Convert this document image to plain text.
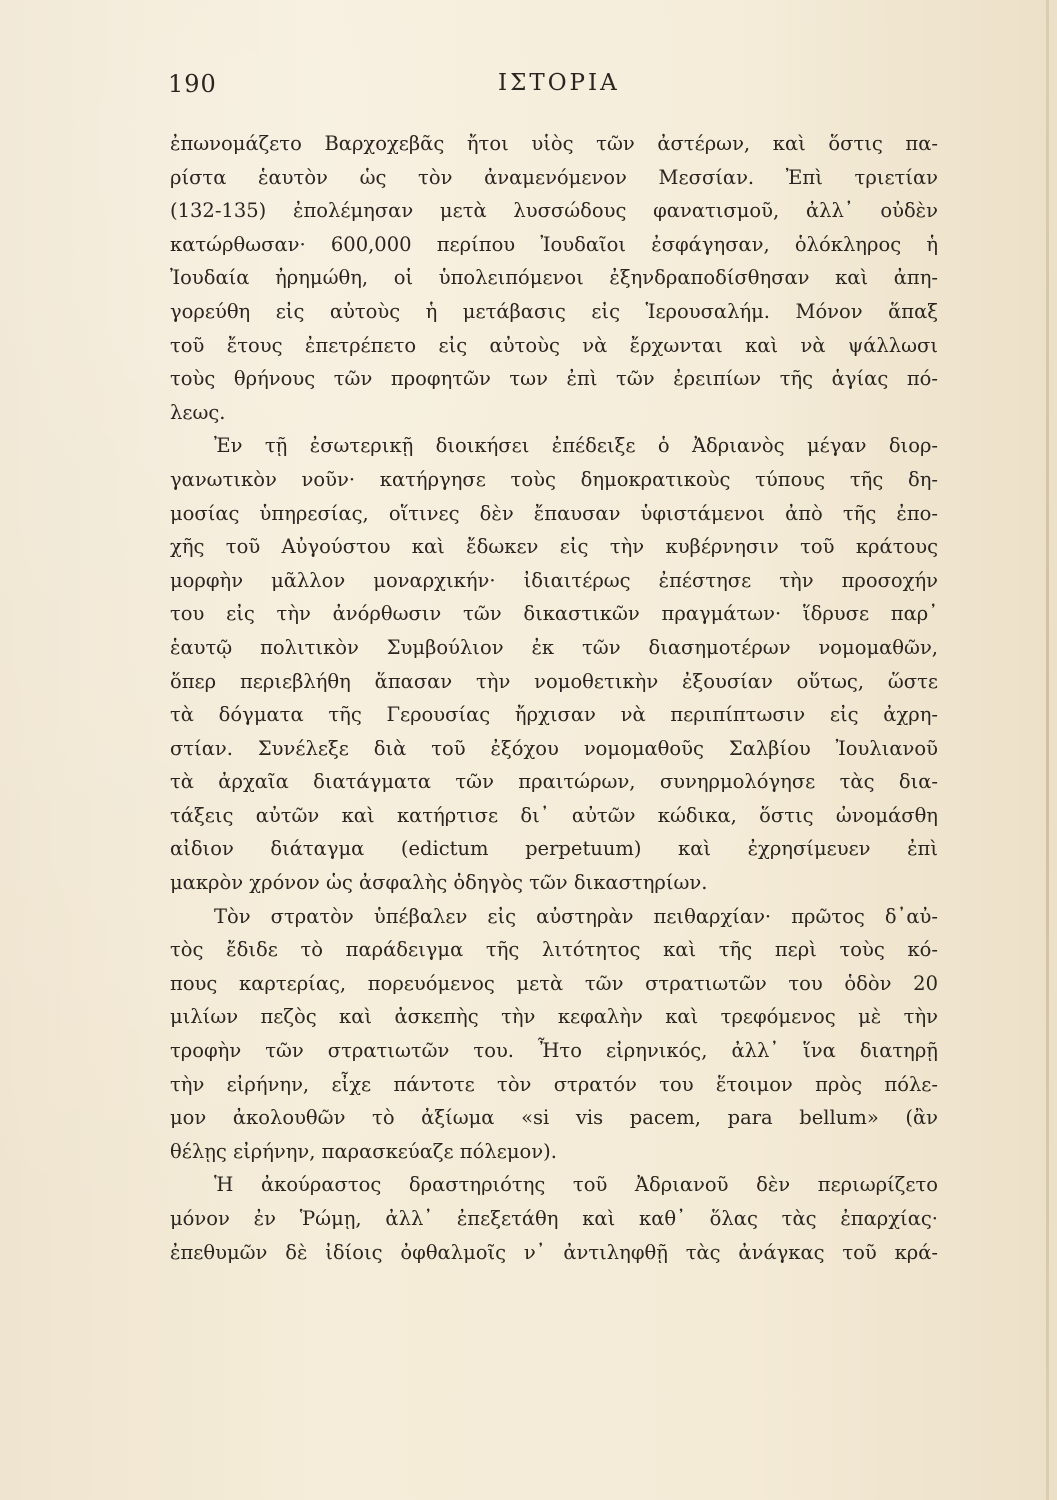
190	ΙΣΤΟΡΙΑ
ἐπωνομάζετο Βαρχοχεβᾶς ἤτοι υἱὸς τῶν ἀστέρων, καὶ ὅστις πα-
ρίστα ἑαυτὸν ὡς τὸν ἀναμενόμενον Μεσσίαν. Ἐπὶ τριετίαν
(132-135) ἐπολέμησαν μετὰ λυσσώδους φανατισμοῦ, ἀλλ᾽ οὐδὲν
κατώρθωσαν· 600,000 περίπου Ἰουδαῖοι ἐσφάγησαν, ὁλόκληρος ἡ
Ἰουδαία ἠρημώθη, οἱ ὑπολειπόμενοι ἐξηνδραποδίσθησαν καὶ ἀπη-
γορεύθη εἰς αὐτοὺς ἡ μετάβασις εἰς Ἱερουσαλήμ. Μόνον ἅπαξ
τοῦ ἔτους ἐπετρέπετο εἰς αὐτοὺς νὰ ἔρχωνται καὶ νὰ ψάλλωσι
τοὺς θρήνους τῶν προφητῶν των ἐπὶ τῶν ἐρειπίων τῆς ἁγίας πό-
λεως.
Ἐν τῇ ἐσωτερικῇ διοικήσει ἐπέδειξε ὁ Ἀδριανὸς μέγαν διορ-
γανωτικὸν νοῦν· κατήργησε τοὺς δημοκρατικοὺς τύπους τῆς δη-
μοσίας ὑπηρεσίας, οἵτινες δὲν ἔπαυσαν ὑφιστάμενοι ἀπὸ τῆς ἐπο-
χῆς τοῦ Αὐγούστου καὶ ἔδωκεν εἰς τὴν κυβέρνησιν τοῦ κράτους
μορφὴν μᾶλλον μοναρχικήν· ἰδιαιτέρως ἐπέστησε τὴν προσοχήν
του εἰς τὴν ἀνόρθωσιν τῶν δικαστικῶν πραγμάτων· ἵδρυσε παρ᾽
ἑαυτῷ πολιτικὸν Συμβούλιον ἐκ τῶν διασημοτέρων νομομαθῶν,
ὅπερ περιεβλήθη ἅπασαν τὴν νομοθετικὴν ἐξουσίαν οὕτως, ὥστε
τὰ δόγματα τῆς Γερουσίας ἤρχισαν νὰ περιπίπτωσιν εἰς ἀχρη-
στίαν. Συνέλεξε διὰ τοῦ ἐξόχου νομομαθοῦς Σαλβίου Ἰουλιανοῦ
τὰ ἀρχαῖα διατάγματα τῶν πραιτώρων, συνηρμολόγησε τὰς δια-
τάξεις αὐτῶν καὶ κατήρτισε δι᾽ αὐτῶν κώδικα, ὅστις ὠνομάσθη
αἰδιον διάταγμα (edictum perpetuum) καὶ ἐχρησίμευεν ἐπὶ
μακρὸν χρόνον ὡς ἀσφαλὴς ὁδηγὸς τῶν δικαστηρίων.
Τὸν στρατὸν ὑπέβαλεν εἰς αὐστηρὰν πειθαρχίαν· πρῶτος δ᾽αὐ-
τὸς ἔδιδε τὸ παράδειγμα τῆς λιτότητος καὶ τῆς περὶ τοὺς κό-
πους καρτερίας, πορευόμενος μετὰ τῶν στρατιωτῶν του ὁδὸν 20
μιλίων πεζὸς καὶ ἀσκεπὴς τὴν κεφαλὴν καὶ τρεφόμενος μὲ τὴν
τροφὴν τῶν στρατιωτῶν του. Ἦτο εἰρηνικός, ἀλλ᾽ ἵνα διατηρῇ
τὴν εἰρήνην, εἶχε πάντοτε τὸν στρατόν του ἕτοιμον πρὸς πόλε-
μον ἀκολουθῶν τὸ ἀξίωμα «si vis pacem, para bellum» (ἂν
θέλῃς εἰρήνην, παρασκεύαζε πόλεμον).
Ἡ ἀκούραστος δραστηριότης τοῦ Ἀδριανοῦ δὲν περιωρίζετο
μόνον ἐν Ῥώμῃ, ἀλλ᾽ ἐπεξετάθη καὶ καθ᾽ ὅλας τὰς ἐπαρχίας·
ἐπεθυμῶν δὲ ἰδίοις ὀφθαλμοῖς ν᾽ ἀντιληφθῇ τὰς ἀνάγκας τοῦ κρά-
